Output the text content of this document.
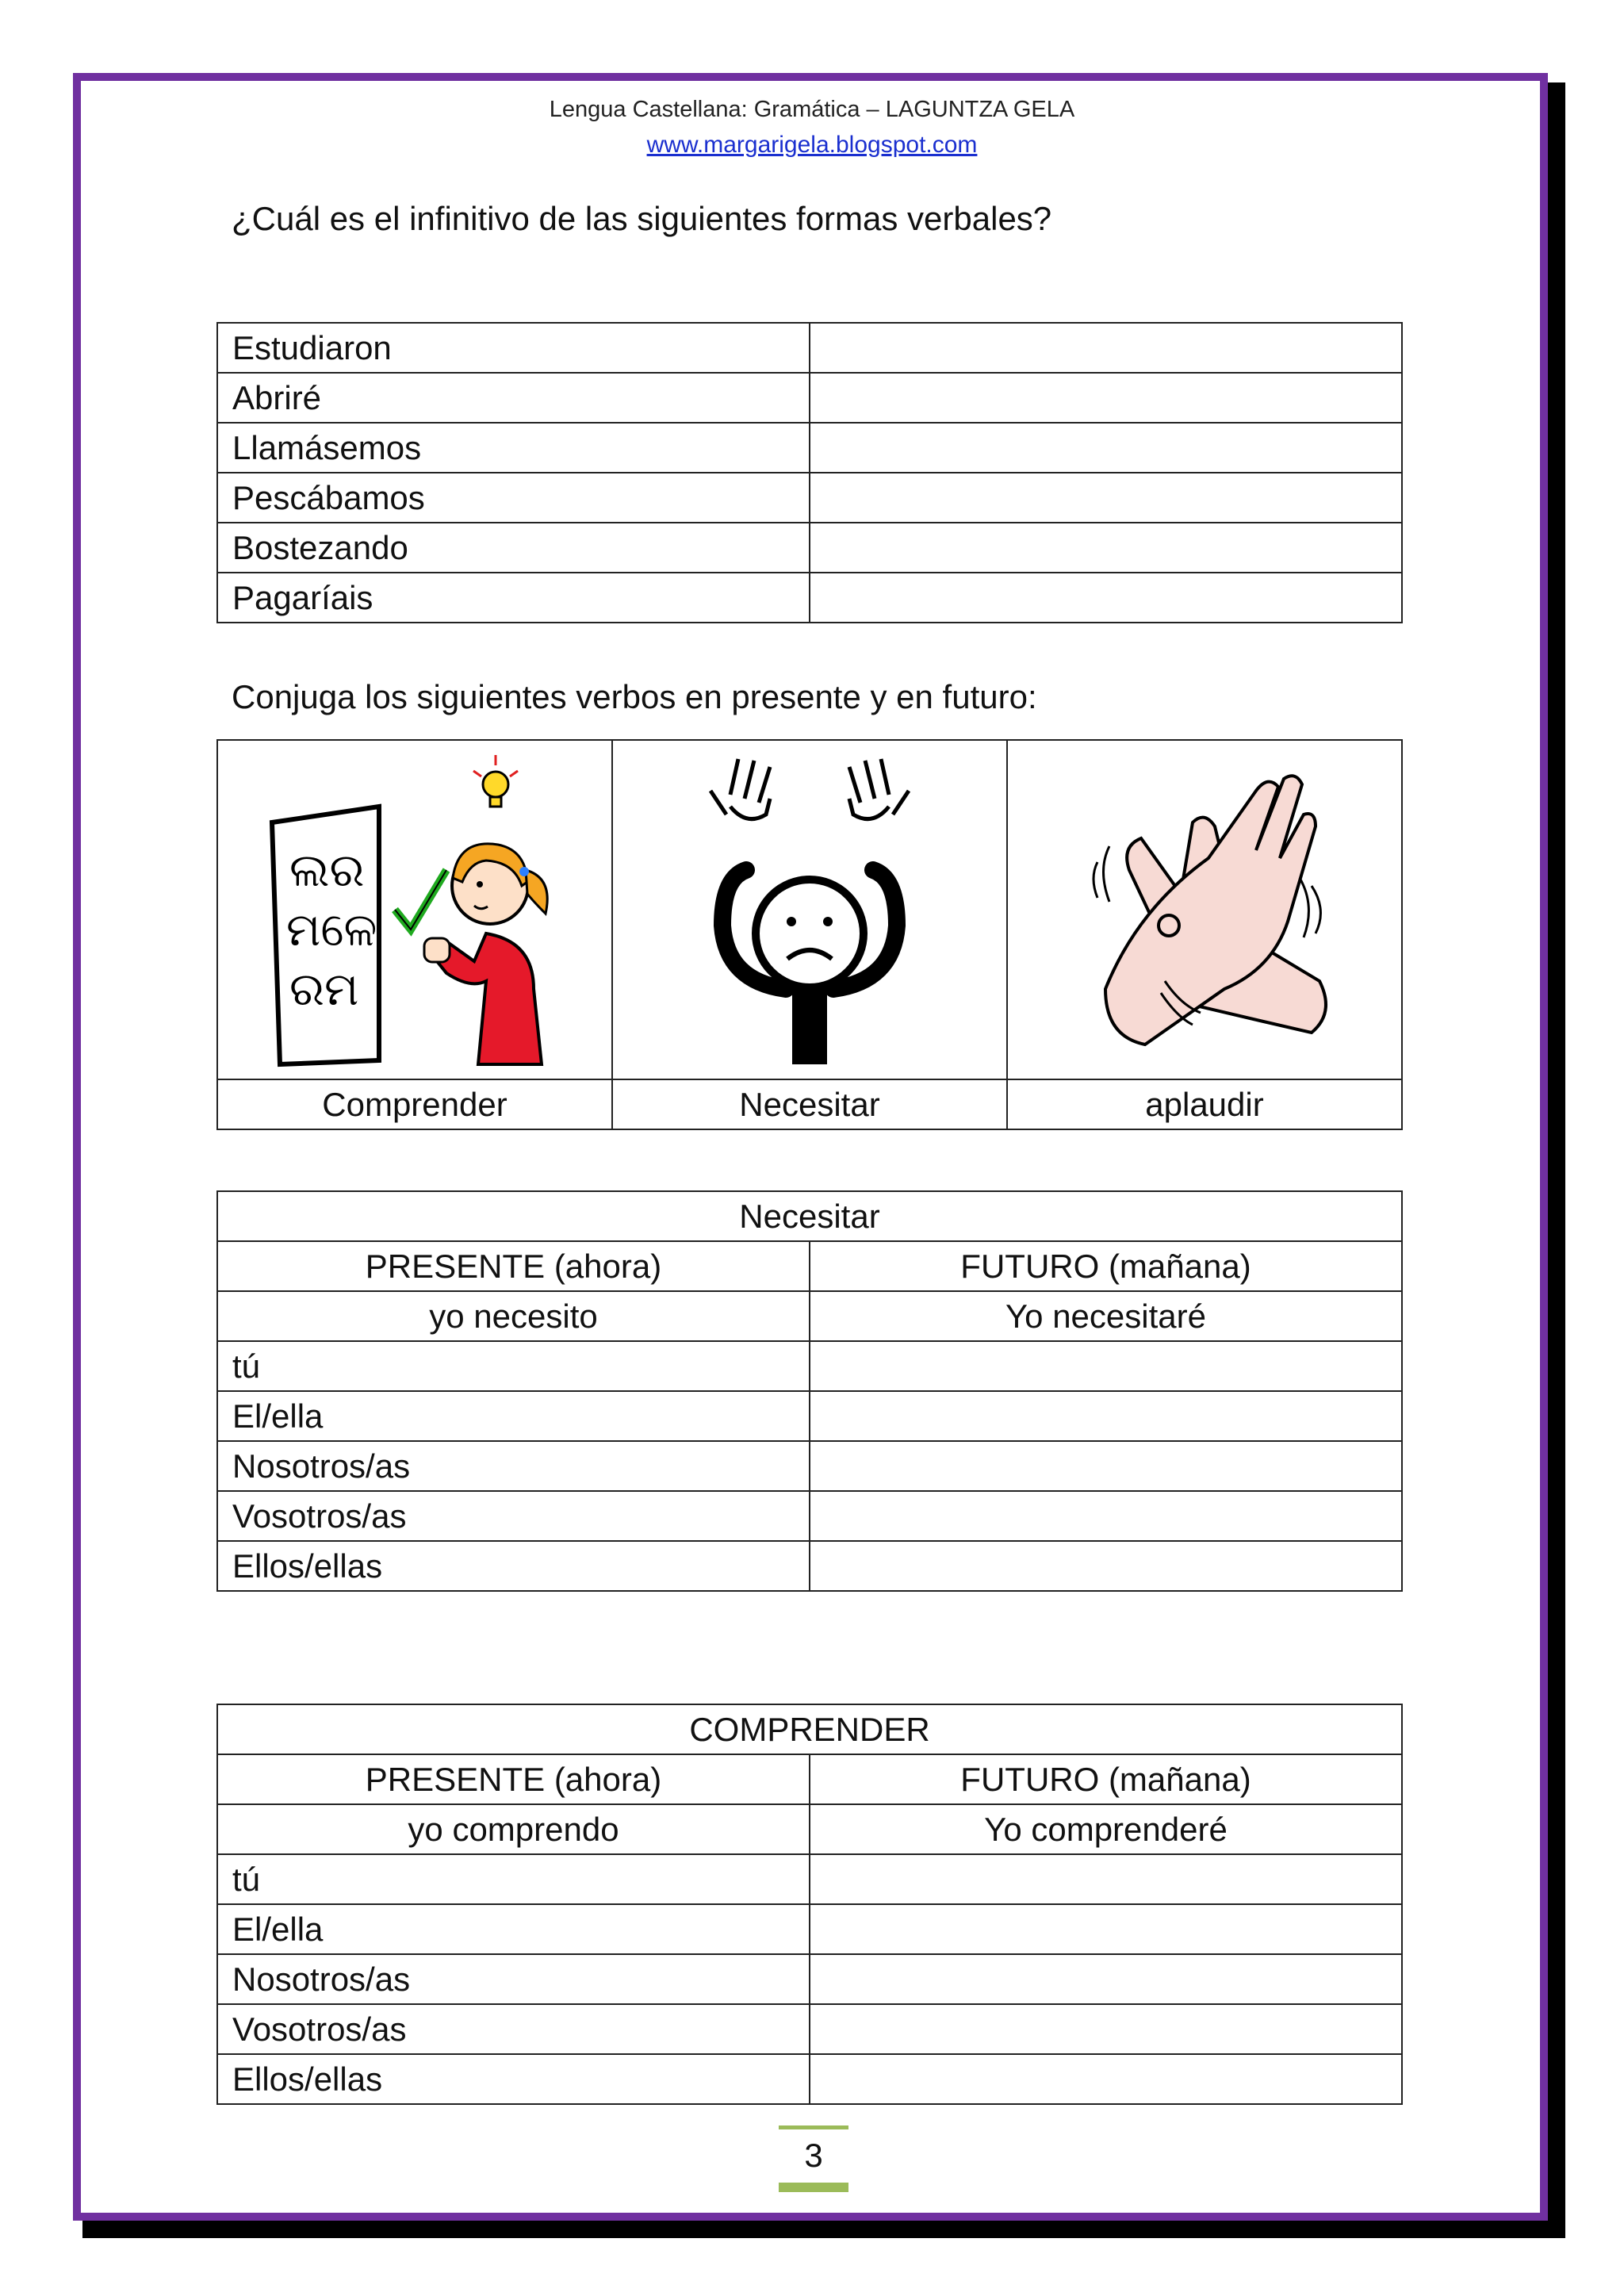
Lengua Castellana: Gramática – LAGUNTZA GELA
www.margarigela.blogspot.com
¿Cuál es el infinitivo de las siguientes formas verbales?
Estudiaron	
Abriré	
Llamásemos	
Pescábamos	
Bostezando	
Pagaríais	
Conjuga los siguientes verbos en presente y en futuro:
ଲର
ମଳେ
ରମ

Comprender	Necesitar	aplaudir
Necesitar	
PRESENTE (ahora)	FUTURO (mañana)
yo necesito	Yo necesitaré
tú	
El/ella	
Nosotros/as	
Vosotros/as	
Ellos/ellas	
COMPRENDER	
PRESENTE (ahora)	FUTURO (mañana)
yo comprendo	Yo comprenderé
tú	
El/ella	
Nosotros/as	
Vosotros/as	
Ellos/ellas	
3
